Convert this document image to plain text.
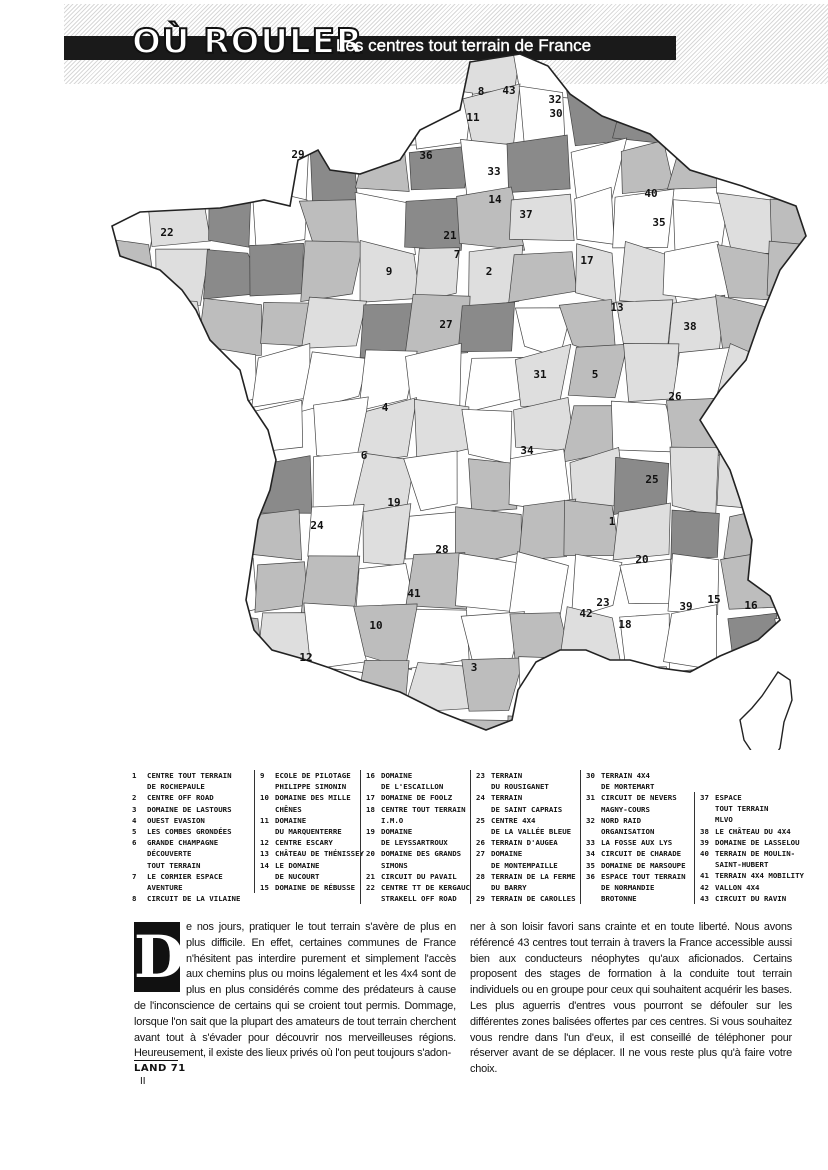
OÙ ROULER
Les centres tout terrain de France
1
2
3
4
5
6
7
8
9
10
11
12
13
14
15 16
17
18
19
20
21
22
23
24
25
26
27
28
29
30
31
32
33
34
35
36
37
38
39
40
41
42
43
1	CENTRE TOUT TERRAIN
DE ROCHEPAULE
2	CENTRE OFF ROAD
3	DOMAINE DE LASTOURS
4	OUEST EVASION
5	LES COMBES GRONDÉES
6	GRANDE CHAMPAGNE
DÉCOUVERTE
TOUT TERRAIN
7	LE CORMIER ESPACE
AVENTURE
8	CIRCUIT DE LA VILAINE
9	ECOLE DE PILOTAGE
PHILIPPE SIMONIN
10 DOMAINE DES MILLE
CHÊNES
11 DOMAINE
DU MARQUENTERRE
12 CENTRE ESCARY
13 CHÂTEAU DE THÉNISSEY
14 LE DOMAINE
DE NUCOURT
15 DOMAINE DE RÉBUSSE
16 DOMAINE
DE L'ESCAILLON
17 DOMAINE DE FOOLZ
18 CENTRE TOUT TERRAIN
I.M.O
19 DOMAINE
DE LEYSSARTROUX
20 DOMAINE DES GRANDS
SIMONS
21 CIRCUIT DU PAVAIL
22 CENTRE TT DE KERGAUC
STRAKELL OFF ROAD
23 TERRAIN
DU ROUSIGANET
24 TERRAIN
DE SAINT CAPRAIS
25 CENTRE 4X4
DE LA VALLÉE BLEUE
26 TERRAIN D'AUGEA
27 DOMAINE
DE MONTEMPAILLE
28 TERRAIN DE LA FERME
DU BARRY
29 TERRAIN DE CAROLLES
30 TERRAIN 4X4
DE MORTEMART
31 CIRCUIT DE NEVERS
MAGNY-COURS
32 NORD RAID
ORGANISATION
33 LA FOSSE AUX LYS
34 CIRCUIT DE CHARADE
35 DOMAINE DE MARSOUPE
36 ESPACE TOUT TERRAIN
DE NORMANDIE
BROTONNE
37 ESPACE
TOUT TERRAIN
MLVO
38 LE CHÂTEAU DU 4X4
39 DOMAINE DE LASSELOU
40 TERRAIN DE MOULIN-
SAINT-HUBERT
41 TERRAIN 4X4 MOBILITY
42 VALLON 4X4
43 CIRCUIT DU RAVIN
D e nos jours, pratiquer le tout terrain s'avère de plus en plus difficile. En effet, certaines communes de France n'hésitent pas interdire purement et simplement l'accès aux chemins plus ou moins légalement et les 4x4 sont de plus en plus considérés comme des prédateurs à cause de l'inconscience de certains qui se croient tout permis. Dommage, lorsque l'on sait que la plupart des amateurs de tout terrain cherchent avant tout à s'évader pour découvrir nos merveilleuses régions. Heureusement, il existe des lieux privés où l'on peut toujours s'adon-
ner à son loisir favori sans crainte et en toute liberté. Nous avons référencé 43 centres tout terrain à travers la France accessible aussi bien aux conducteurs néophytes qu'aux aficionados. Certains proposent des stages de formation à la conduite tout terrain individuels ou en groupe pour ceux qui souhaitent acquérir les bases. Les plus aguerris d'entres vous pourront se défouler sur les différentes zones balisées offertes par ces centres. Si vous souhaitez vous rendre dans l'un d'eux, il est conseillé de téléphoner pour réserver avant de se déplacer. Il ne vous reste plus qu'à faire votre choix.
LAND 71
II
